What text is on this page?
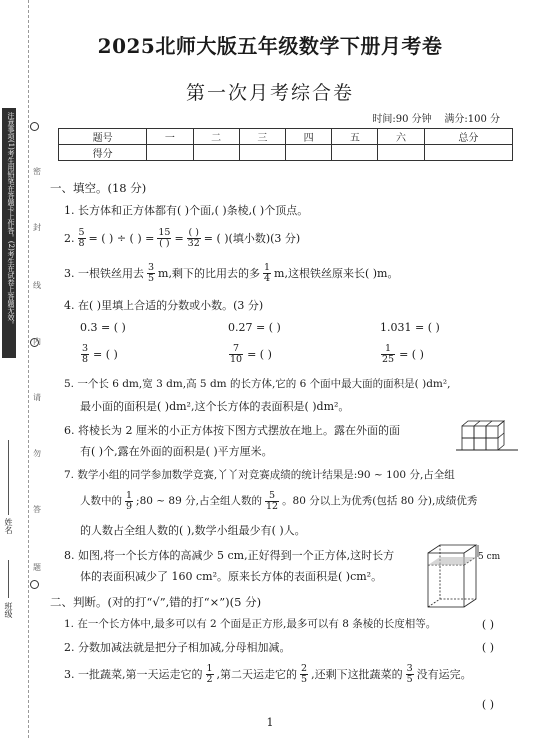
注意事项(1)考生用铅笔在答题卡上作答。(2)考生在试卷上答题无效。 密
封
线
内
请
勿
答
题
姓名
班级
2025北师大版五年级数学下册月考卷
第一次月考综合卷
时间:90 分钟    满分:100 分
题号	一	二	三	四	五	六	总分
得分							
一、填空。(18 分)
1. 长方体和正方体都有( )个面,( )条棱,( )个顶点。
2. $\frac{5}{8}$ = ( ) ÷ ( ) = $\frac{15}{( )} = \frac{( )}{32}$ = ( )(填小数)(3 分)
3. 一根铁丝用去 $\frac{3}{5} m$,剩下的比用去的多 $\frac{1}{4} m$,这根铁丝原来长( )m。
4. 在( )里填上合适的分数或小数。(3 分)
0.3 = ( )	0.27 = ( )	1.031 = ( )
$\frac{3}{8}$ = ( )	$\frac{7}{10}$ = ( )	$\frac{1}{25}$ = ( )
5. 一个长 6 dm,宽 3 dm,高 5 dm 的长方体,它的 6 个面中最大面的面积是( )dm²,
最小面的面积是( )dm²,这个长方体的表面积是( )dm²。
6. 将棱长为 2 厘米的小正方体按下图方式摆放在地上。露在外面的面
有( )个,露在外面的面积是( )平方厘米。
7. 数学小组的同学参加数学竞赛,丫丫对竞赛成绩的统计结果是:90 ~ 100 分,占全组
人数中的 $\frac{1}{9}$ ;80 ~ 89 分,占全组人数的 $\frac{5}{12}$ 。80 分以上为优秀(包括 80 分),成绩优秀
的人数占全组人数的( ),数学小组最少有( )人。
8. 如图,将一个长方体的高减少 5 cm,正好得到一个正方体,这时长方
体的表面积减少了 160 cm²。原来长方体的表面积是( )cm²。
5 cm
二、判断。(对的打“√”,错的打“×”)(5 分)
1. 在一个长方体中,最多可以有 2 个面是正方形,最多可以有 8 条棱的长度相等。	( )
2. 分数加减法就是把分子相加减,分母相加减。	( )
3. 一批蔬菜,第一天运走它的 $\frac{1}{2}$ ,第二天运走它的 $\frac{2}{5}$ ,还剩下这批蔬菜的 $\frac{3}{5}$ 没有运完。
( )
1
